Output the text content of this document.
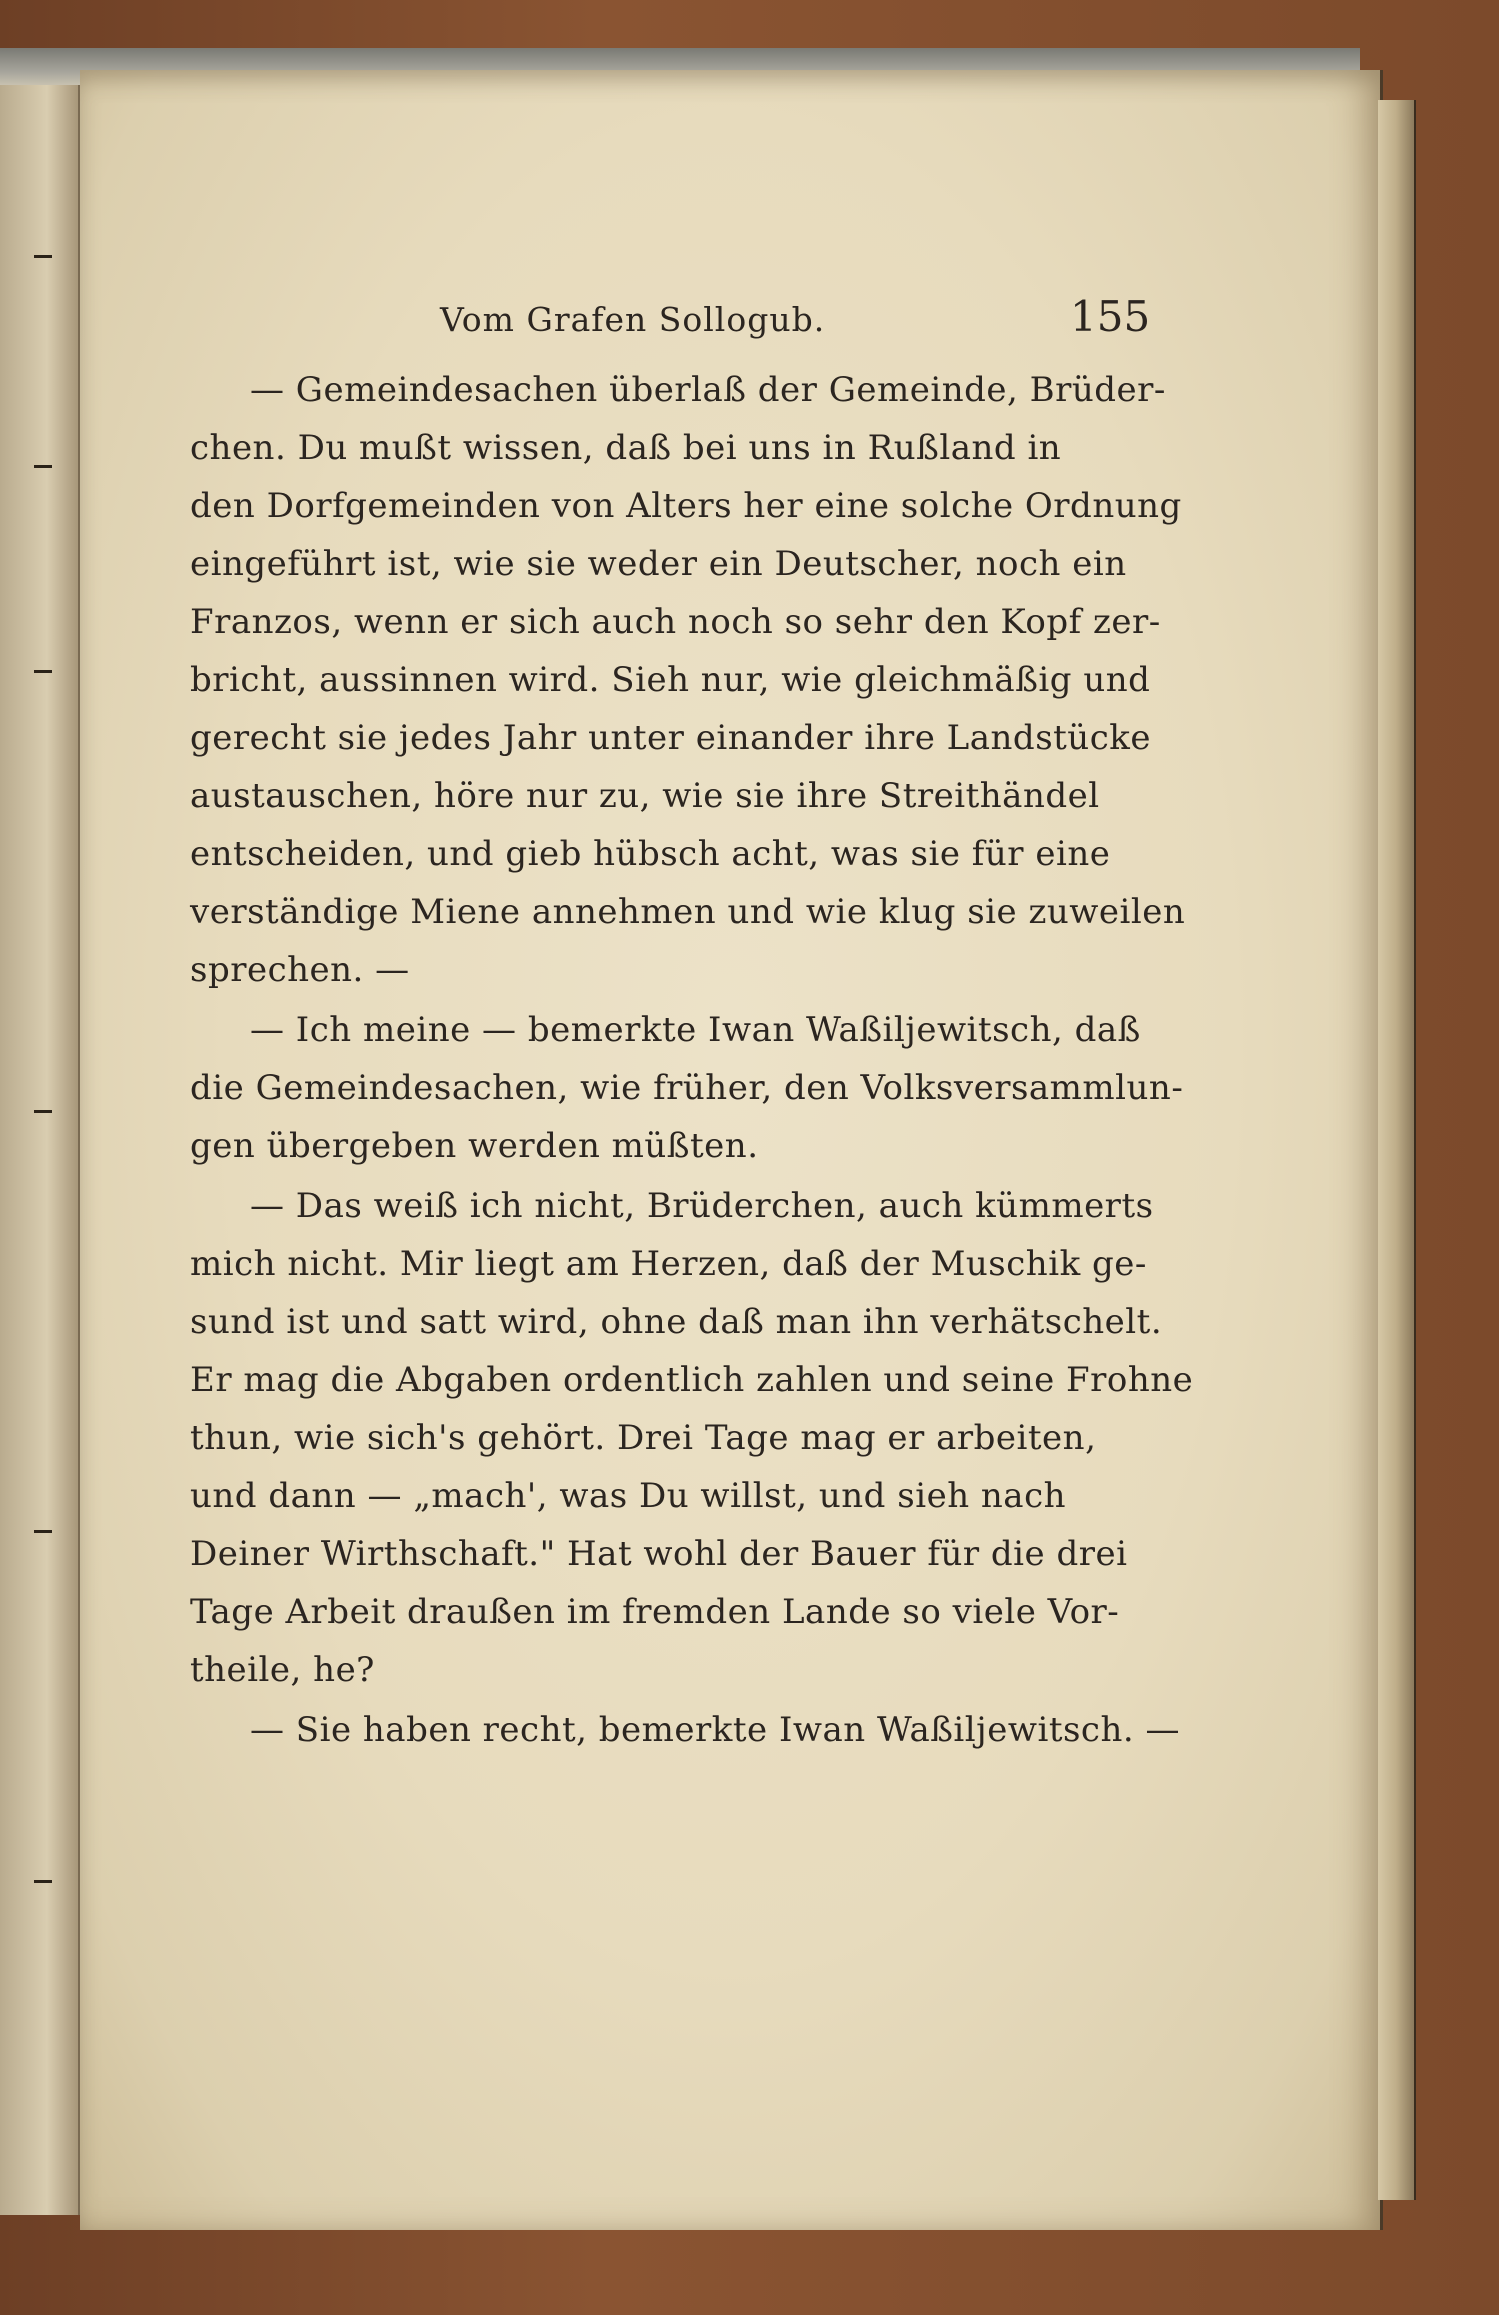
Vom Grafen Sollogub.	155
— Gemeindesachen überlaß der Gemeinde, Brüder-
chen. Du mußt wissen, daß bei uns in Rußland in
den Dorfgemeinden von Alters her eine solche Ordnung
eingeführt ist, wie sie weder ein Deutscher, noch ein
Franzos, wenn er sich auch noch so sehr den Kopf zer-
bricht, aussinnen wird. Sieh nur, wie gleichmäßig und
gerecht sie jedes Jahr unter einander ihre Landstücke
austauschen, höre nur zu, wie sie ihre Streithändel
entscheiden, und gieb hübsch acht, was sie für eine
verständige Miene annehmen und wie klug sie zuweilen
sprechen. —
— Ich meine — bemerkte Iwan Waßiljewitsch, daß
die Gemeindesachen, wie früher, den Volksversammlun-
gen übergeben werden müßten.
— Das weiß ich nicht, Brüderchen, auch kümmerts
mich nicht. Mir liegt am Herzen, daß der Muschik ge-
sund ist und satt wird, ohne daß man ihn verhätschelt.
Er mag die Abgaben ordentlich zahlen und seine Frohne
thun, wie sich's gehört. Drei Tage mag er arbeiten,
und dann — „mach', was Du willst, und sieh nach
Deiner Wirthschaft." Hat wohl der Bauer für die drei
Tage Arbeit draußen im fremden Lande so viele Vor-
theile, he?
— Sie haben recht, bemerkte Iwan Waßiljewitsch. —
